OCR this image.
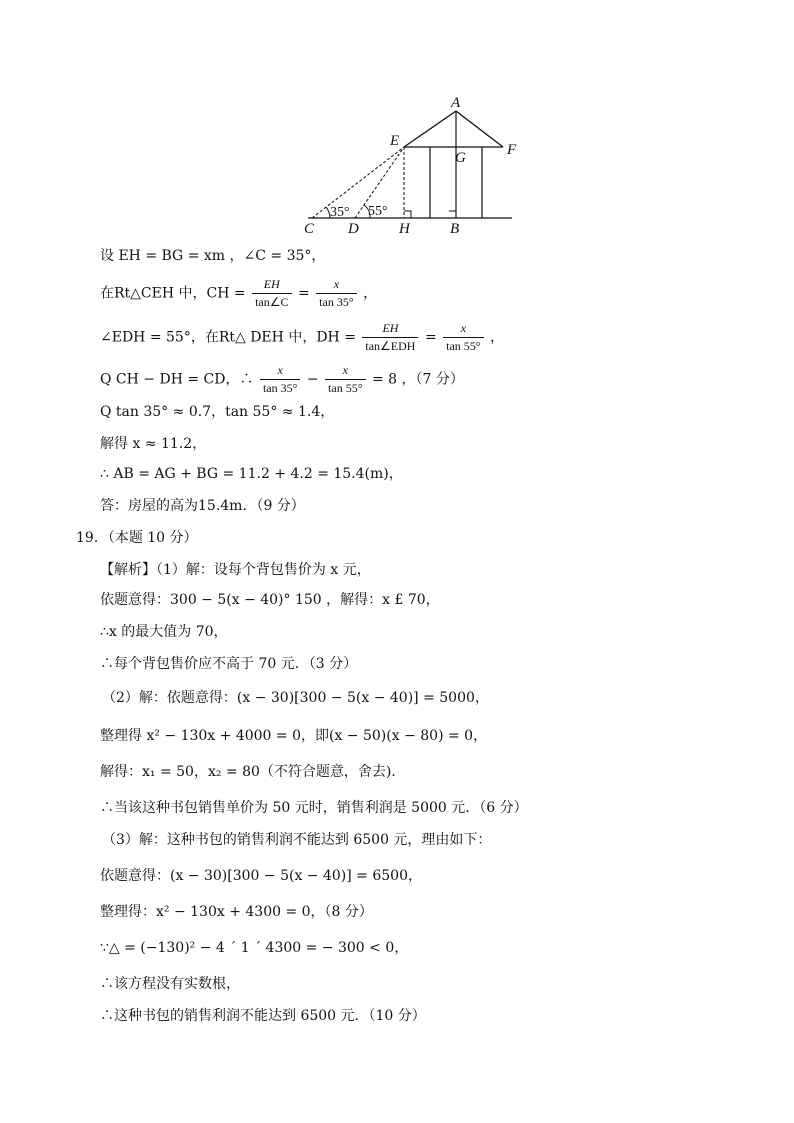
A
E
G	F
C D	H	B
35° 55°
设 EH = BG = xm ，∠C = 35°，
在Rt△CEH 中，CH = $\frac{EH}{\tan\angle C} = \frac{x}{\tan 35^\circ}$ ，
∠EDH = 55°，在Rt△ DEH 中，DH = $\frac{EH}{\text{tan∠EDH}} = \frac{x}{\tan 55^\circ}$ ，
Q CH − DH = CD，∴ $\frac{x}{\tan 35^\circ} - \frac{x}{\tan 55^\circ} = 8$ ，（7 分）
Q tan 35° ≈ 0.7，tan 55° ≈ 1.4，
解得 x ≈ 11.2，
∴ AB = AG + BG = 11.2 + 4.2 = 15.4(m)，
答：房屋的高为15.4m．（9 分）
19．（本题 10 分）
【解析】（1）解：设每个背包售价为 x 元，
依题意得：300 − 5(x − 40)° 150 ，解得：x £ 70，
∴x 的最大值为 70，
∴每个背包售价应不高于 70 元．（3 分）
（2）解：依题意得：(x − 30)[300 − 5(x − 40)] = 5000，
整理得 x² − 130x + 4000 = 0，即(x − 50)(x − 80) = 0，
解得：x₁ = 50，x₂ = 80（不符合题意，舍去)．
∴当该这种书包销售单价为 50 元时，销售利润是 5000 元．（6 分）
（3）解：这种书包的销售利润不能达到 6500 元，理由如下：
依题意得：(x − 30)[300 − 5(x − 40)] = 6500，
整理得：x² − 130x + 4300 = 0，（8 分）
∵△ = (−130)² − 4 ´ 1 ´ 4300 = − 300 < 0，
∴该方程没有实数根，
∴这种书包的销售利润不能达到 6500 元．（10 分）
